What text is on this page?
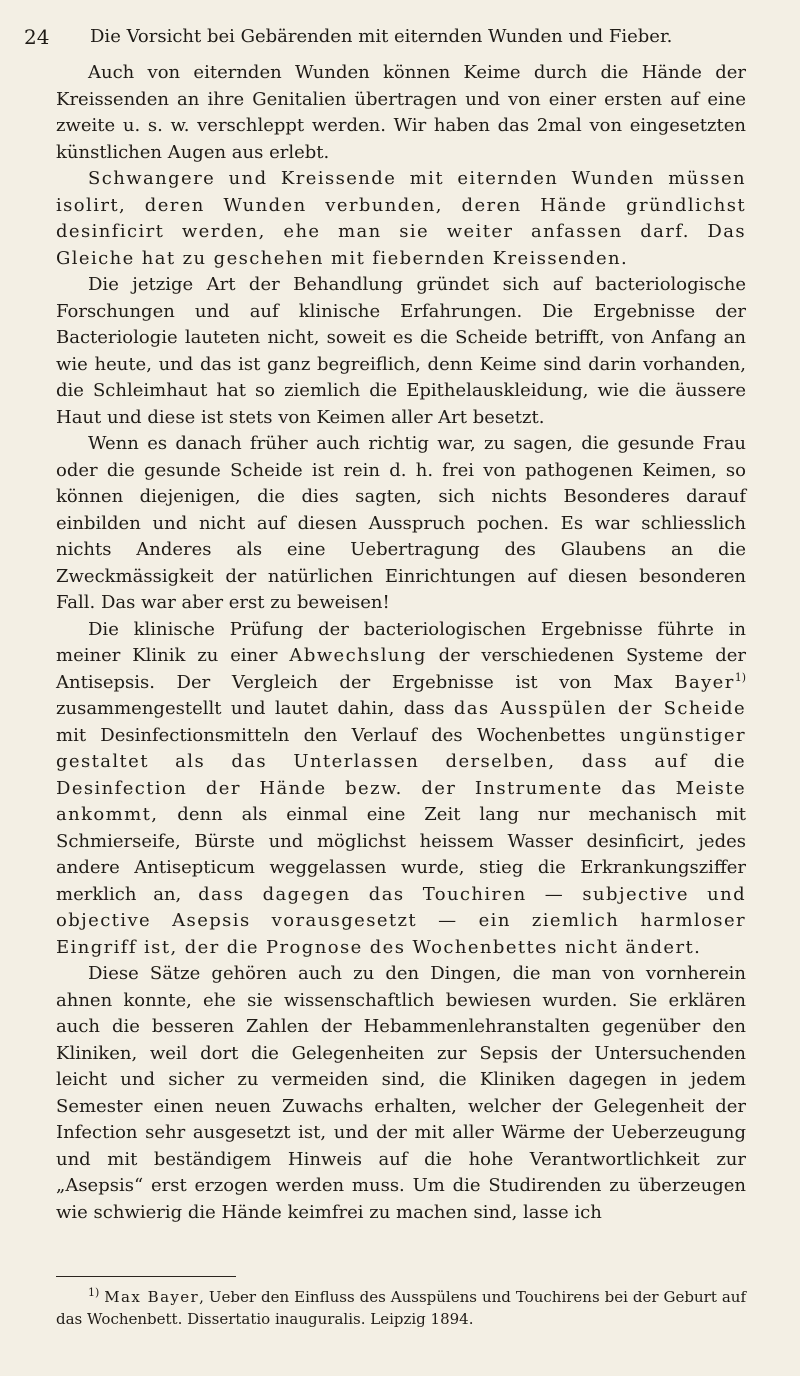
24 Die Vorsicht bei Gebärenden mit eiternden Wunden und Fieber.

Auch von eiternden Wunden können Keime durch die Hände der Kreissenden an ihre Genitalien übertragen und von einer ersten auf eine zweite u. s. w. verschleppt werden. Wir haben das 2mal von eingesetzten künstlichen Augen aus erlebt.

Schwangere und Kreissende mit eiternden Wunden müssen isolirt, deren Wunden verbunden, deren Hände gründlichst desinficirt werden, ehe man sie weiter anfassen darf. Das Gleiche hat zu geschehen mit fiebernden Kreissenden.

Die jetzige Art der Behandlung gründet sich auf bacteriologische Forschungen und auf klinische Erfahrungen. Die Ergebnisse der Bacteriologie lauteten nicht, soweit es die Scheide betrifft, von Anfang an wie heute, und das ist ganz begreiflich, denn Keime sind darin vorhanden, die Schleimhaut hat so ziemlich die Epithelauskleidung, wie die äussere Haut und diese ist stets von Keimen aller Art besetzt.

Wenn es danach früher auch richtig war, zu sagen, die gesunde Frau oder die gesunde Scheide ist rein d. h. frei von pathogenen Keimen, so können diejenigen, die dies sagten, sich nichts Besonderes darauf einbilden und nicht auf diesen Ausspruch pochen. Es war schliesslich nichts Anderes als eine Uebertragung des Glaubens an die Zweckmässigkeit der natürlichen Einrichtungen auf diesen besonderen Fall. Das war aber erst zu beweisen!

Die klinische Prüfung der bacteriologischen Ergebnisse führte in meiner Klinik zu einer Abwechslung der verschiedenen Systeme der Antisepsis. Der Vergleich der Ergebnisse ist von Max Bayer$^{1)}$ zusammengestellt und lautet dahin, dass das Ausspülen der Scheide mit Desinfectionsmitteln den Verlauf des Wochenbettes ungünstiger gestaltet als das Unterlassen derselben, dass auf die Desinfection der Hände bezw. der Instrumente das Meiste ankommt, denn als einmal eine Zeit lang nur mechanisch mit Schmierseife, Bürste und möglichst heissem Wasser desinficirt, jedes andere Antisepticum weggelassen wurde, stieg die Erkrankungsziffer merklich an, dass dagegen das Touchiren — subjective und objective Asepsis vorausgesetzt — ein ziemlich harmloser Eingriff ist, der die Prognose des Wochenbettes nicht ändert.

Diese Sätze gehören auch zu den Dingen, die man von vornherein ahnen konnte, ehe sie wissenschaftlich bewiesen wurden. Sie erklären auch die besseren Zahlen der Hebammenlehranstalten gegenüber den Kliniken, weil dort die Gelegenheiten zur Sepsis der Untersuchenden leicht und sicher zu vermeiden sind, die Kliniken dagegen in jedem Semester einen neuen Zuwachs erhalten, welcher der Gelegenheit der Infection sehr ausgesetzt ist, und der mit aller Wärme der Ueberzeugung und mit beständigem Hinweis auf die hohe Verantwortlichkeit zur „Asepsis“ erst erzogen werden muss. Um die Studirenden zu überzeugen wie schwierig die Hände keimfrei zu machen sind, lasse ich

$^{1)}$ Max Bayer, Ueber den Einfluss des Ausspülens und Touchirens bei der Geburt auf das Wochenbett. Dissertatio inauguralis. Leipzig 1894.
